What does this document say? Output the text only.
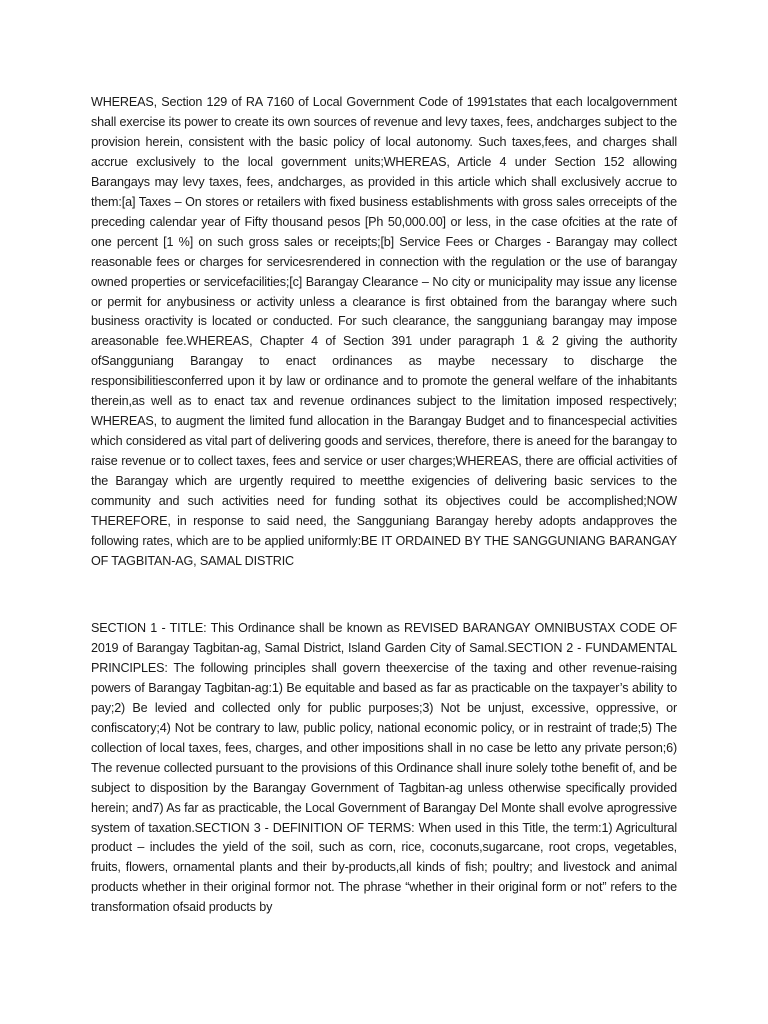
WHEREAS, Section 129 of RA 7160 of Local Government Code of 1991states that each localgovernment shall exercise its power to create its own sources of revenue and levy taxes, fees, andcharges subject to the provision herein, consistent with the basic policy of local autonomy. Such taxes,fees, and charges shall accrue exclusively to the local government units;WHEREAS, Article 4 under Section 152 allowing Barangays may levy taxes, fees, andcharges, as provided in this article which shall exclusively accrue to them:[a] Taxes – On stores or retailers with fixed business establishments with gross sales orreceipts of the preceding calendar year of Fifty thousand pesos [Ph 50,000.00] or less, in the case ofcities at the rate of one percent [1 %] on such gross sales or receipts;[b] Service Fees or Charges - Barangay may collect reasonable fees or charges for servicesrendered in connection with the regulation or the use of barangay owned properties or servicefacilities;[c] Barangay Clearance – No city or municipality may issue any license or permit for anybusiness or activity unless a clearance is first obtained from the barangay where such business oractivity is located or conducted. For such clearance, the sangguniang barangay may impose areasonable fee.WHEREAS, Chapter 4 of Section 391 under paragraph 1 & 2 giving the authority ofSangguniang Barangay to enact ordinances as maybe necessary to discharge the responsibilitiesconferred upon it by law or ordinance and to promote the general welfare of the inhabitants therein,as well as to enact tax and revenue ordinances subject to the limitation imposed respectively; WHEREAS, to augment the limited fund allocation in the Barangay Budget and to financespecial activities which considered as vital part of delivering goods and services, therefore, there is aneed for the barangay to raise revenue or to collect taxes, fees and service or user charges;WHEREAS, there are official activities of the Barangay which are urgently required to meetthe exigencies of delivering basic services to the community and such activities need for funding sothat its objectives could be accomplished;NOW THEREFORE, in response to said need, the Sangguniang Barangay hereby adopts andapproves the following rates, which are to be applied uniformly:BE IT ORDAINED BY THE SANGGUNIANG BARANGAY OF TAGBITAN-AG, SAMAL DISTRIC

SECTION 1 - TITLE: This Ordinance shall be known as REVISED BARANGAY OMNIBUSTAX CODE OF 2019 of Barangay Tagbitan-ag, Samal District, Island Garden City of Samal.SECTION 2 - FUNDAMENTAL PRINCIPLES: The following principles shall govern theexercise of the taxing and other revenue-raising powers of Barangay Tagbitan-ag:1) Be equitable and based as far as practicable on the taxpayer’s ability to pay;2) Be levied and collected only for public purposes;3) Not be unjust, excessive, oppressive, or confiscatory;4) Not be contrary to law, public policy, national economic policy, or in restraint of trade;5) The collection of local taxes, fees, charges, and other impositions shall in no case be letto any private person;6) The revenue collected pursuant to the provisions of this Ordinance shall inure solely tothe benefit of, and be subject to disposition by the Barangay Government of Tagbitan-ag unless otherwise specifically provided herein; and7) As far as practicable, the Local Government of Barangay Del Monte shall evolve aprogressive system of taxation.SECTION 3 - DEFINITION OF TERMS: When used in this Title, the term:1) Agricultural product – includes the yield of the soil, such as corn, rice, coconuts,sugarcane, root crops, vegetables, fruits, flowers, ornamental plants and their by-products,all kinds of fish; poultry; and livestock and animal products whether in their original formor not. The phrase “whether in their original form or not” refers to the transformation ofsaid products by
